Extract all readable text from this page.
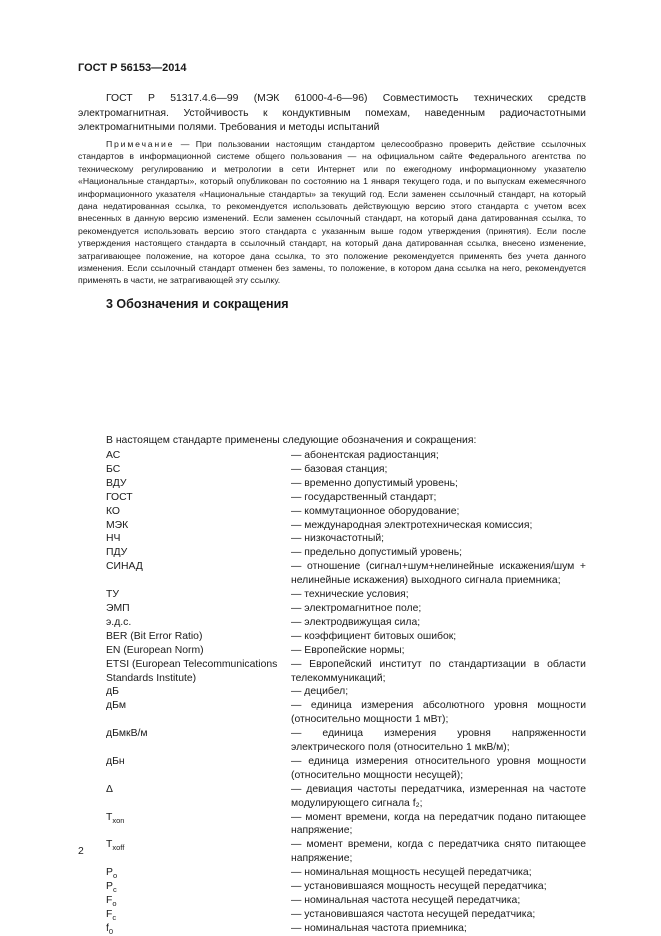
ГОСТ Р 56153—2014
ГОСТ Р 51317.4.6—99 (МЭК 61000-4-6—96) Совместимость технических средств электромагнитная. Устойчивость к кондуктивным помехам, наведенным радиочастотными электромагнитными полями. Требования и методы испытаний
Примечание — При пользовании настоящим стандартом целесообразно проверить действие ссылочных стандартов в информационной системе общего пользования — на официальном сайте Федерального агентства по техническому регулированию и метрологии в сети Интернет или по ежегодному информационному указателю «Национальные стандарты», который опубликован по состоянию на 1 января текущего года, и по выпускам ежемесячного информационного указателя «Национальные стандарты» за текущий год. Если заменен ссылочный стандарт, на который дана недатированная ссылка, то рекомендуется использовать действующую версию этого стандарта с учетом всех внесенных в данную версию изменений. Если заменен ссылочный стандарт, на который дана датированная ссылка, то рекомендуется использовать версию этого стандарта с указанным выше годом утверждения (принятия). Если после утверждения настоящего стандарта в ссылочный стандарт, на который дана датированная ссылка, внесено изменение, затрагивающее положение, на которое дана ссылка, то это положение рекомендуется применять без учета данного изменения. Если ссылочный стандарт отменен без замены, то положение, в котором дана ссылка на него, рекомендуется применять в части, не затрагивающей эту ссылку.
3 Обозначения и сокращения
В настоящем стандарте применены следующие обозначения и сокращения:
АС	— абонентская радиостанция;
БС	— базовая станция;
ВДУ	— временно допустимый уровень;
ГОСТ	— государственный стандарт;
КО	— коммутационное оборудование;
МЭК	— международная электротехническая комиссия;
НЧ	— низкочастотный;
ПДУ	— предельно допустимый уровень;
СИНАД	— отношение (сигнал+шум+нелинейные искажения/шум + нелинейные искажения) выходного сигнала приемника;
ТУ	— технические условия;
ЭМП	— электромагнитное поле;
э.д.с.	— электродвижущая сила;
BER (Bit Error Ratio)	— коэффициент битовых ошибок;
EN (European Norm)	— Европейские нормы;
ETSI (European Telecommunications Standards Institute)
— Европейский институт по стандартизации в области телекоммуникаций;
дБ	— децибел;
дБм	— единица измерения абсолютного уровня мощности (относительно мощности 1 мВт);
дБмкВ/м	— единица измерения уровня напряженности электрического поля (относительно 1 мкВ/м);
дБн	— единица измерения относительного уровня мощности (относительно мощности несущей);
Δ	— девиация частоты передатчика, измеренная на частоте модулирующего сигнала f₂;
$T_{xon}$	— момент времени, когда на передатчик подано питающее напряжение;
$T_{xoff}$	— момент времени, когда с передатчика снято питающее напряжение;
$P_o$	— номинальная мощность несущей передатчика;
$P_c$	— установившаяся мощность несущей передатчика;
$F_o$	— номинальная частота несущей передатчика;
$F_c$	— установившаяся частота несущей передатчика;
$f_0$	— номинальная частота приемника;
2
